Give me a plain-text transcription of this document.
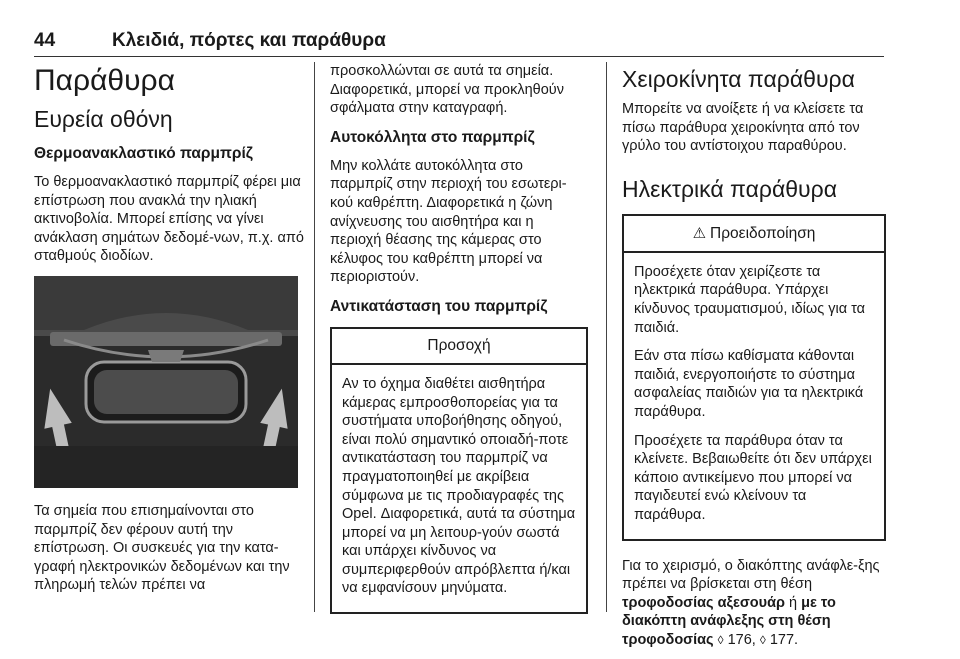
44	Κλειδιά, πόρτες και παράθυρα
Παράθυρα
Ευρεία οθόνη
Θερμοανακλαστικό παρμπρίζ

Το θερμοανακλαστικό παρμπρίζ φέρει μια επίστρωση που ανακλά την ηλιακή ακτινοβολία. Μπορεί επίσης να γίνει ανάκλαση σημάτων δεδομέ-νων, π.χ. από σταθμούς διοδίων.

Τα σημεία που επισημαίνονται στο παρμπρίζ δεν φέρουν αυτή την επίστρωση. Οι συσκευές για την κατα-γραφή ηλεκτρονικών δεδομένων και την πληρωμή τελών πρέπει να

προσκολλώνται σε αυτά τα σημεία. Διαφορετικά, μπορεί να προκληθούν σφάλματα στην καταγραφή.

Αυτοκόλλητα στο παρμπρίζ

Μην κολλάτε αυτοκόλλητα στο παρμπρίζ στην περιοχή του εσωτερι-κού καθρέπτη. Διαφορετικά η ζώνη ανίχνευσης του αισθητήρα και η περιοχή θέασης της κάμερας στο κέλυφος του καθρέπτη μπορεί να περιοριστούν.

Αντικατάσταση του παρμπρίζ
Προσοχή

Αν το όχημα διαθέτει αισθητήρα κάμερας εμπροσθοπορείας για τα συστήματα υποβοήθησης οδηγού, είναι πολύ σημαντικό οποιαδή-ποτε αντικατάσταση του παρμπρίζ να πραγματοποιηθεί με ακρίβεια σύμφωνα με τις προδιαγραφές της Opel. Διαφορετικά, αυτά τα σύστημα μπορεί να μη λειτουρ-γούν σωστά και υπάρχει κίνδυνος να συμπεριφερθούν απρόβλεπτα ή/και να εμφανίσουν μηνύματα.

Χειροκίνητα παράθυρα

Μπορείτε να ανοίξετε ή να κλείσετε τα πίσω παράθυρα χειροκίνητα από τον γρύλο του αντίστοιχου παραθύρου.

Ηλεκτρικά παράθυρα
⚠ Προειδοποίηση

Προσέχετε όταν χειρίζεστε τα ηλεκτρικά παράθυρα. Υπάρχει κίνδυνος τραυματισμού, ιδίως για τα παιδιά.

Εάν στα πίσω καθίσματα κάθονται παιδιά, ενεργοποιήστε το σύστημα ασφαλείας παιδιών για τα ηλεκτρικά παράθυρα.

Προσέχετε τα παράθυρα όταν τα κλείνετε. Βεβαιωθείτε ότι δεν υπάρχει κάποιο αντικείμενο που μπορεί να παγιδευτεί ενώ κλείνουν τα παράθυρα.

Για το χειρισμό, ο διακόπτης ανάφλε-ξης πρέπει να βρίσκεται στη θέση τροφοδοσίας αξεσουάρ ή με το διακόπτη ανάφλεξης στη θέση τροφοδοσίας ◊ 176, ◊ 177.
